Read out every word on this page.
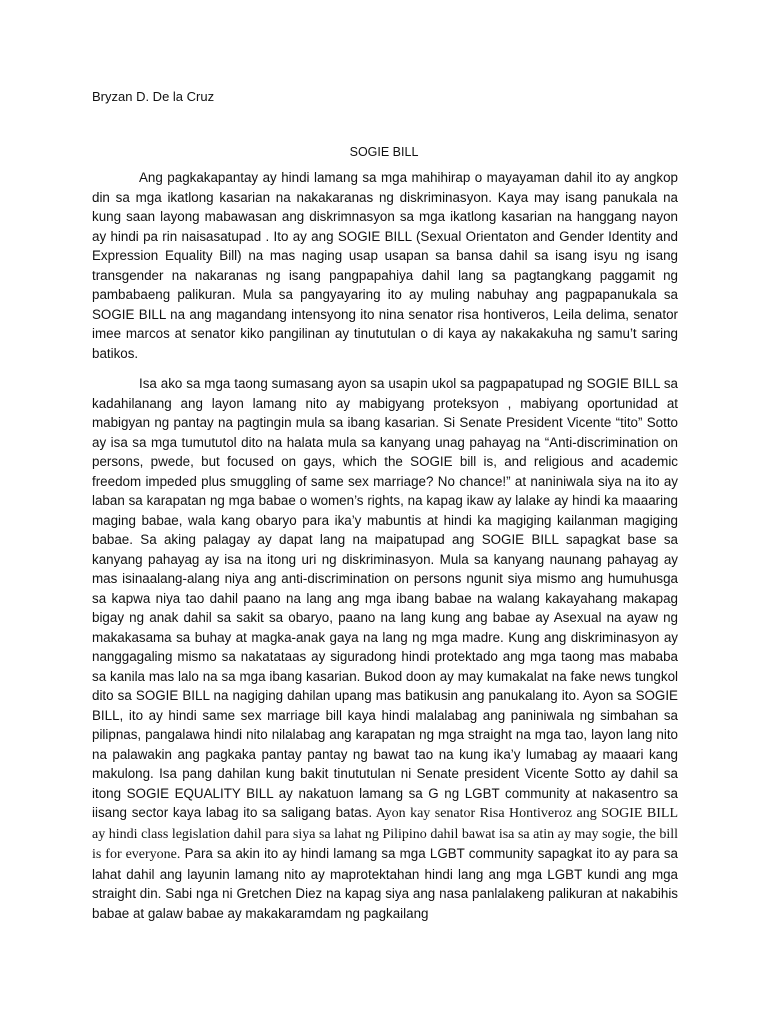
Bryzan D. De la Cruz

SOGIE BILL

Ang pagkakapantay ay hindi lamang sa mga mahihirap o mayayaman dahil ito ay angkop din sa mga ikatlong kasarian na nakakaranas ng diskriminasyon. Kaya may isang panukala na kung saan layong mabawasan ang diskrimnasyon sa mga ikatlong kasarian na hanggang nayon ay hindi pa rin naisasatupad . Ito ay ang SOGIE BILL (Sexual Orientaton and Gender Identity and Expression Equality Bill) na mas naging usap usapan sa bansa dahil sa isang isyu ng isang transgender na nakaranas ng isang pangpapahiya dahil lang sa pagtangkang paggamit ng pambabaeng palikuran. Mula sa pangyayaring ito ay muling nabuhay ang pagpapanukala sa SOGIE BILL na ang magandang intensyong ito nina senator risa hontiveros, Leila delima, senator imee marcos at senator kiko pangilinan ay tinututulan o di kaya ay nakakakuha ng samu’t saring batikos.

Isa ako sa mga taong sumasang ayon sa usapin ukol sa pagpapatupad ng SOGIE BILL sa kadahilanang ang layon lamang nito ay mabigyang proteksyon , mabiyang oportunidad at mabigyan ng pantay na pagtingin mula sa ibang kasarian. Si Senate President Vicente “tito” Sotto ay isa sa mga tumututol dito na halata mula sa kanyang unag pahayag na “Anti-discrimination on persons, pwede, but focused on gays, which the SOGIE bill is, and religious and academic freedom impeded plus smuggling of same sex marriage? No chance!” at naniniwala siya na ito ay laban sa karapatan ng mga babae o women’s rights, na kapag ikaw ay lalake ay hindi ka maaaring maging babae, wala kang obaryo para ika’y mabuntis at hindi ka magiging kailanman magiging babae. Sa aking palagay ay dapat lang na maipatupad ang SOGIE BILL sapagkat base sa kanyang pahayag ay isa na itong uri ng diskriminasyon. Mula sa kanyang naunang pahayag ay mas isinaalang-alang niya ang anti-discrimination on persons ngunit siya mismo ang humuhusga sa kapwa niya tao dahil paano na lang ang mga ibang babae na walang kakayahang makapag bigay ng anak dahil sa sakit sa obaryo, paano na lang kung ang babae ay Asexual na ayaw ng makakasama sa buhay at magka-anak gaya na lang ng mga madre. Kung ang diskriminasyon ay nanggagaling mismo sa nakatataas ay siguradong hindi protektado ang mga taong mas mababa sa kanila mas lalo na sa mga ibang kasarian. Bukod doon ay may kumakalat na fake news tungkol dito sa SOGIE BILL na nagiging dahilan upang mas batikusin ang panukalang ito. Ayon sa SOGIE BILL, ito ay hindi same sex marriage bill kaya hindi malalabag ang paniniwala ng simbahan sa pilipnas, pangalawa hindi nito nilalabag ang karapatan ng mga straight na mga tao, layon lang nito na palawakin ang pagkaka pantay pantay ng bawat tao na kung ika’y lumabag ay maaari kang makulong. Isa pang dahilan kung bakit tinututulan ni Senate president Vicente Sotto ay dahil sa itong SOGIE EQUALITY BILL ay nakatuon lamang sa G ng LGBT community at nakasentro sa iisang sector kaya labag ito sa saligang batas. Ayon kay senator Risa Hontiveroz ang SOGIE BILL ay hindi class legislation dahil para siya sa lahat ng Pilipino dahil bawat isa sa atin ay may sogie, the bill is for everyone. Para sa akin ito ay hindi lamang sa mga LGBT community sapagkat ito ay para sa lahat dahil ang layunin lamang nito ay maprotektahan hindi lang ang mga LGBT kundi ang mga straight din. Sabi nga ni Gretchen Diez na kapag siya ang nasa panlalakeng palikuran at nakabihis babae at galaw babae ay makakaramdam ng pagkailang
